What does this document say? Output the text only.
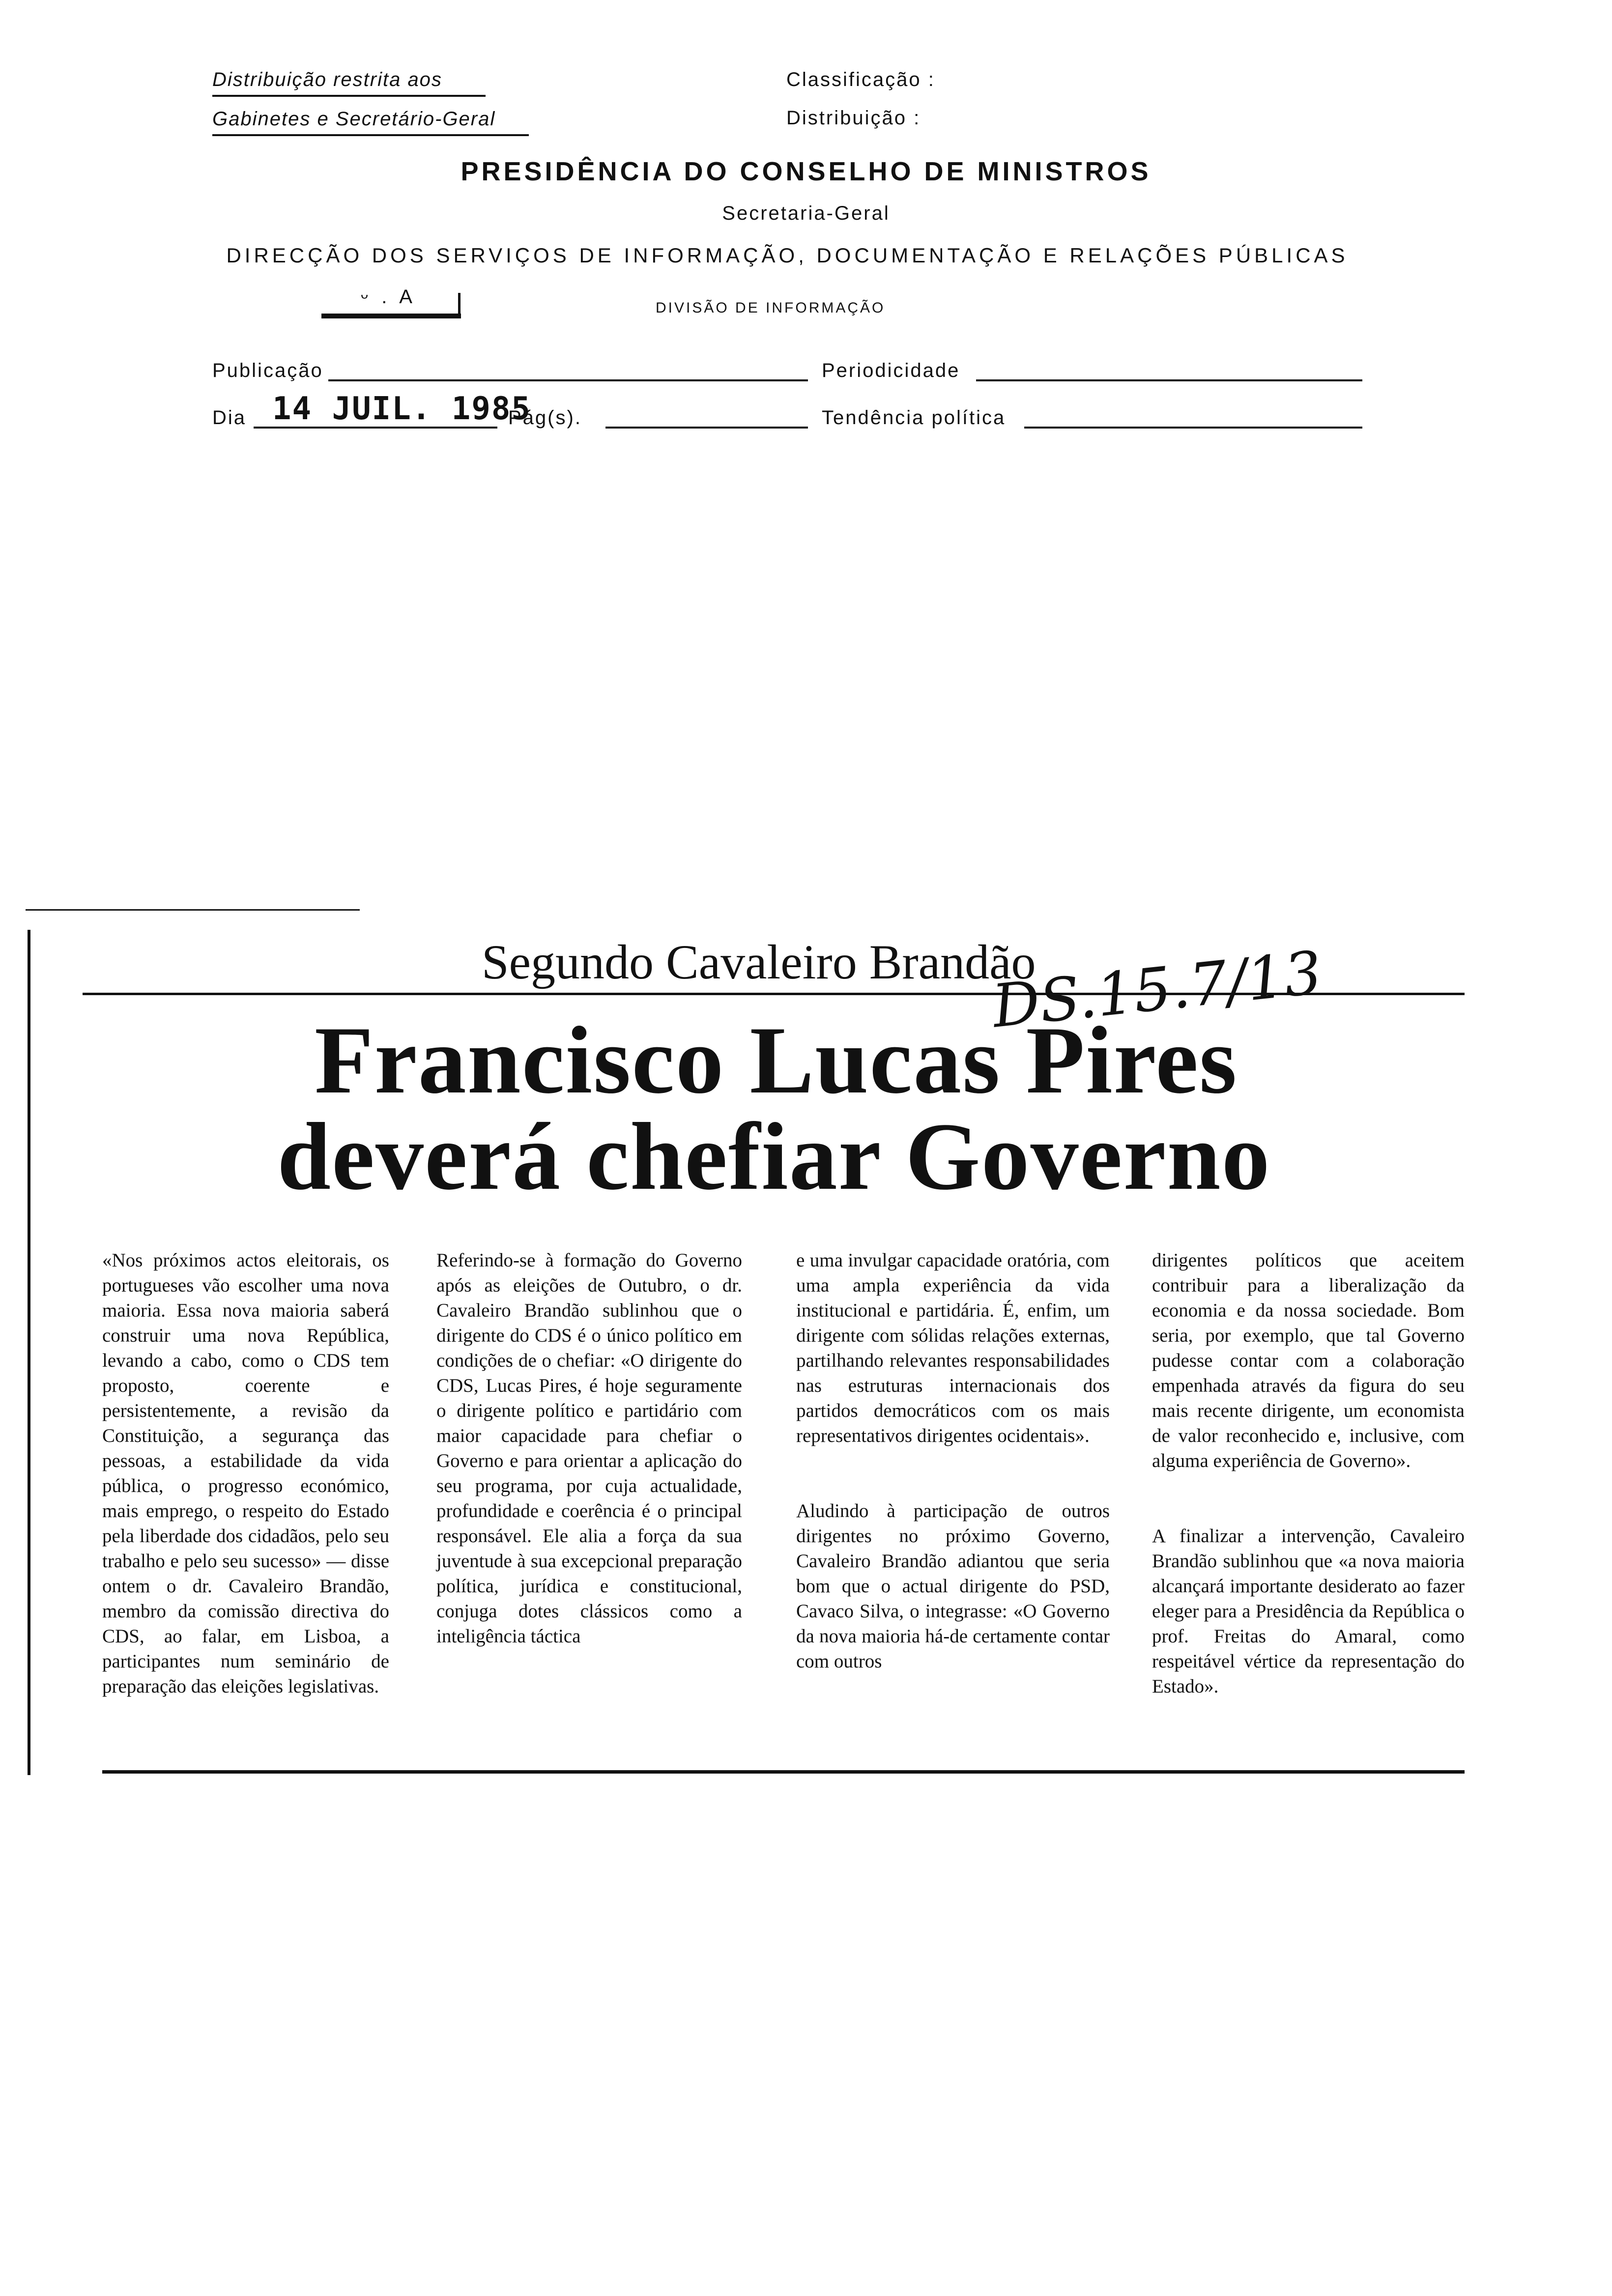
Distribuição restrita aos
Gabinetes e Secretário-Geral
Classificação :
Distribuição :
PRESIDÊNCIA DO CONSELHO DE MINISTROS
Secretaria-Geral
DIRECÇÃO DOS SERVIÇOS DE INFORMAÇÃO, DOCUMENTAÇÃO E RELAÇÕES PÚBLICAS
ᵕ . A
DIVISÃO DE INFORMAÇÃO
Publicação	Periodicidade
Dia 14 JUIL. 1985
Pág(s).	Tendência política
Segundo Cavaleiro Brandão
Francisco Lucas Pires
deverá chefiar Governo
DS.15.7/13

«Nos próximos actos eleitorais, os portugueses vão escolher uma nova maioria. Essa nova maioria saberá construir uma nova República, levando a cabo, como o CDS tem proposto, coerente e persistentemente, a revisão da Constituição, a segurança das pessoas, a estabilidade da vida pública, o progresso económico, mais emprego, o respeito do Estado pela liberdade dos cidadãos, pelo seu trabalho e pelo seu sucesso» — disse ontem o dr. Cavaleiro Brandão, membro da comissão directiva do CDS, ao falar, em Lisboa, a participantes num seminário de preparação das eleições legislativas.

Referindo-se à formação do Governo após as eleições de Outubro, o dr. Cavaleiro Brandão sublinhou que o dirigente do CDS é o único político em condições de o chefiar: «O dirigente do CDS, Lucas Pires, é hoje seguramente o dirigente político e partidário com maior capacidade para chefiar o Governo e para orientar a aplicação do seu programa, por cuja actualidade, profundidade e coerência é o principal responsável. Ele alia a força da sua juventude à sua excepcional preparação política, jurídica e constitucional, conjuga dotes clássicos como a inteligência táctica

e uma invulgar capacidade oratória, com uma ampla experiência da vida institucional e partidária. É, enfim, um dirigente com sólidas relações externas, partilhando relevantes responsabilidades nas estruturas internacionais dos partidos democráticos com os mais representativos dirigentes ocidentais».

Aludindo à participação de outros dirigentes no próximo Governo, Cavaleiro Brandão adiantou que seria bom que o actual dirigente do PSD, Cavaco Silva, o integrasse: «O Governo da nova maioria há-de certamente contar com outros

dirigentes políticos que aceitem contribuir para a liberalização da economia e da nossa sociedade. Bom seria, por exemplo, que tal Governo pudesse contar com a colaboração empenhada através da figura do seu mais recente dirigente, um economista de valor reconhecido e, inclusive, com alguma experiência de Governo».

A finalizar a intervenção, Cavaleiro Brandão sublinhou que «a nova maioria alcançará importante desiderato ao fazer eleger para a Presidência da República o prof. Freitas do Amaral, como respeitável vértice da representação do Estado».
